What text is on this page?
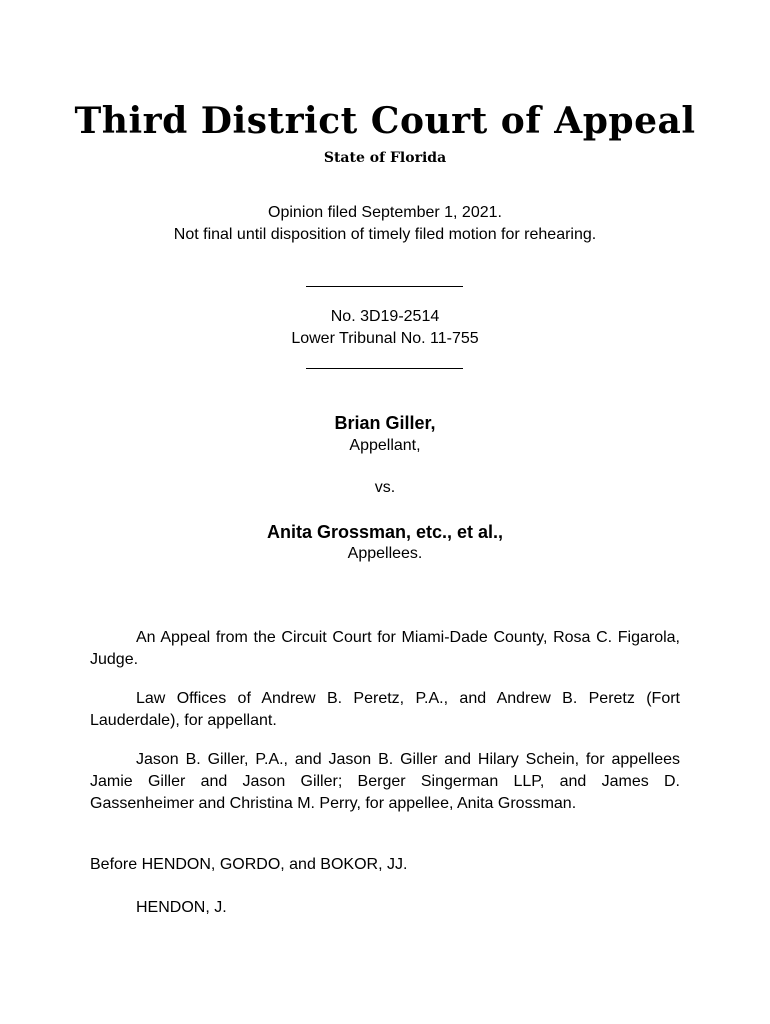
Third District Court of Appeal
State of Florida
Opinion filed September 1, 2021.
Not final until disposition of timely filed motion for rehearing.
No. 3D19-2514
Lower Tribunal No. 11-755
Brian Giller,
Appellant,
vs.
Anita Grossman, etc., et al.,
Appellees.
An Appeal from the Circuit Court for Miami-Dade County, Rosa C. Figarola, Judge.
Law Offices of Andrew B. Peretz, P.A., and Andrew B. Peretz (Fort Lauderdale), for appellant.
Jason B. Giller, P.A., and Jason B. Giller and Hilary Schein, for appellees Jamie Giller and Jason Giller; Berger Singerman LLP, and James D. Gassenheimer and Christina M. Perry, for appellee, Anita Grossman.
Before HENDON, GORDO, and BOKOR, JJ.
HENDON, J.
